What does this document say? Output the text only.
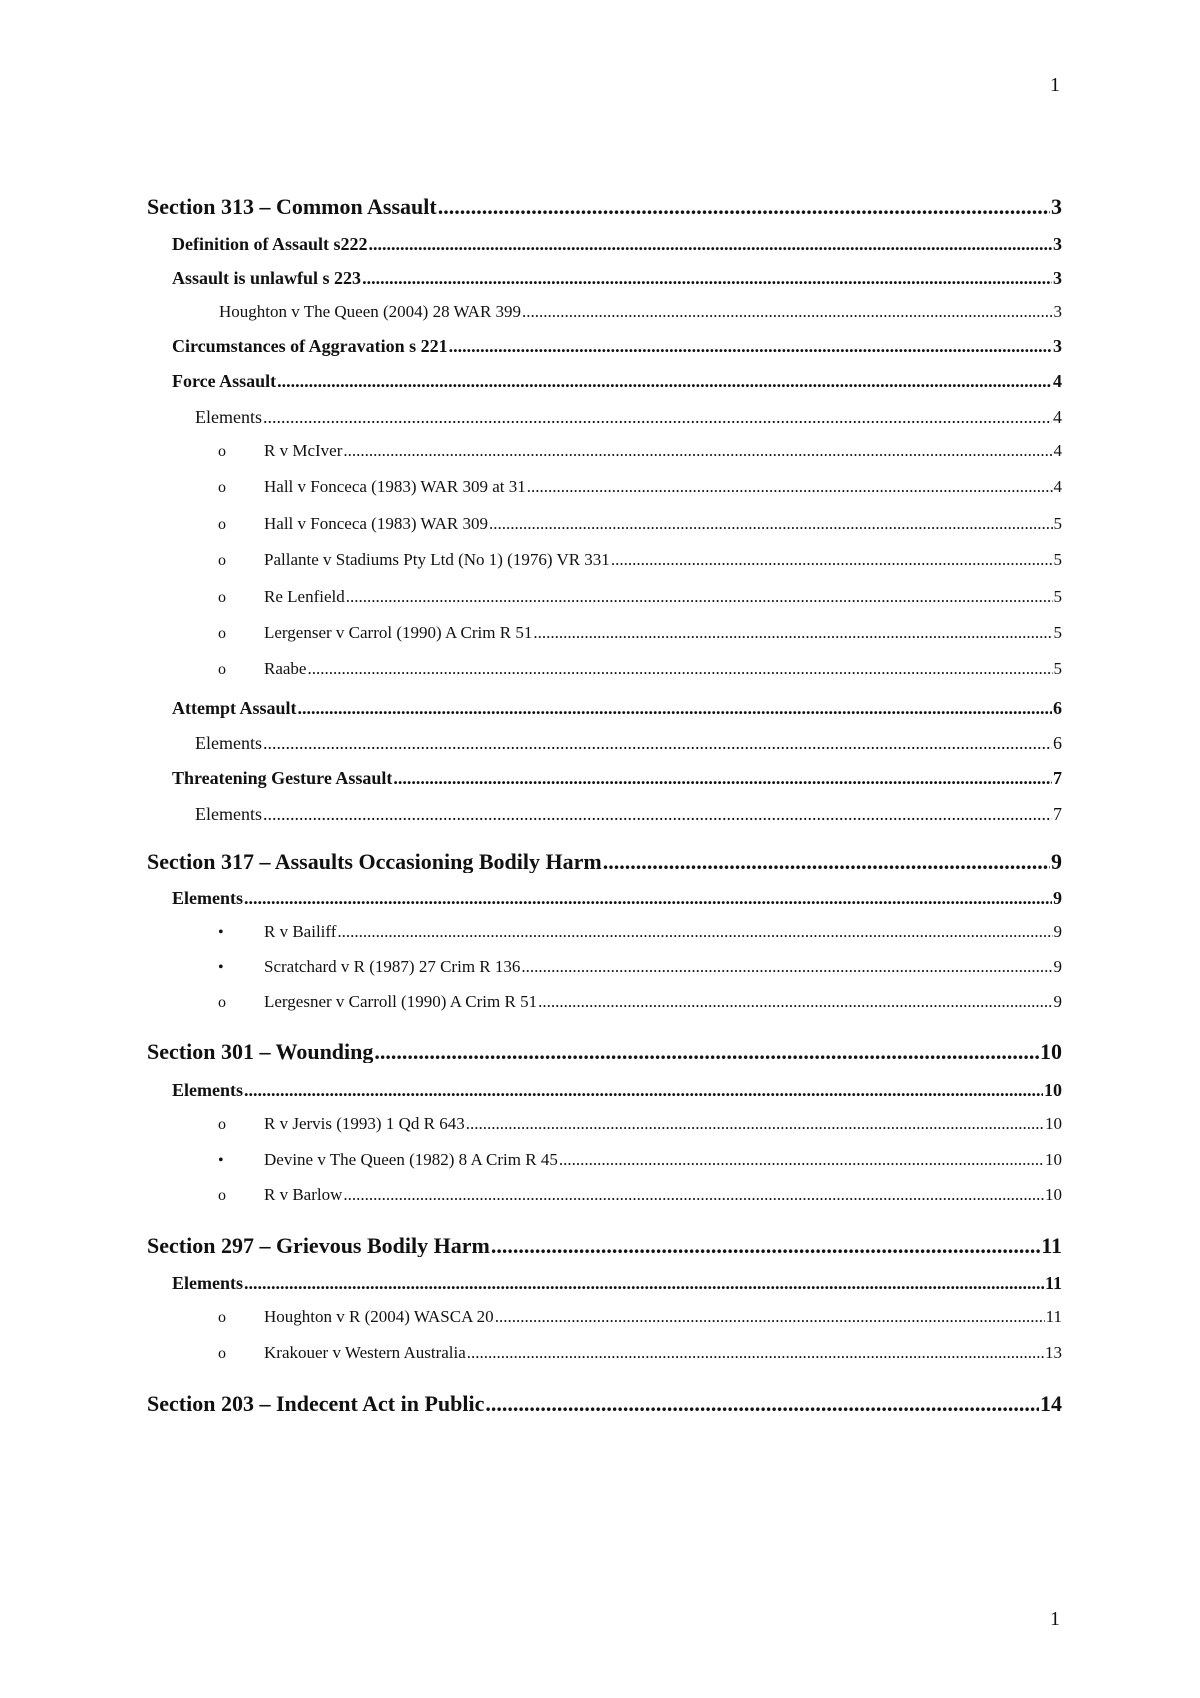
1
Section 313 – Common Assault .....	3
Definition of Assault s222 .....	3
Assault is unlawful s 223 .....	3
Houghton v The Queen (2004) 28 WAR 399 .....	3
Circumstances of Aggravation s 221 .....	3
Force Assault .....	4
Elements .....	4
o	R v McIver .....	4
o	Hall v Fonceca (1983) WAR 309 at 31 .....	4
o	Hall v Fonceca (1983) WAR 309 .....	5
o	Pallante v Stadiums Pty Ltd (No 1) (1976) VR 331 .....	5
o	Re Lenfield .....	5
o	Lergenser v Carrol (1990) A Crim R 51 .....	5
o	Raabe .....	5
Attempt Assault .....	6
Elements .....	6
Threatening Gesture Assault .....	7
Elements .....	7
Section 317 – Assaults Occasioning Bodily Harm .....	9
Elements .....	9
•	R v Bailiff .....	9
•	Scratchard v R (1987) 27 Crim R 136 .....	9
o	Lergesner v Carroll (1990) A Crim R 51 .....	9
Section 301 – Wounding .....	10
Elements .....	10
o	R v Jervis (1993) 1 Qd R 643 .....	10
•	Devine v The Queen (1982) 8 A Crim R 45 .....	10
o	R v Barlow .....	10
Section 297 – Grievous Bodily Harm .....	11
Elements .....	11
o	Houghton v R (2004) WASCA 20 .....	11
o	Krakouer v Western Australia .....	13
Section 203 – Indecent Act in Public .....	14
1
